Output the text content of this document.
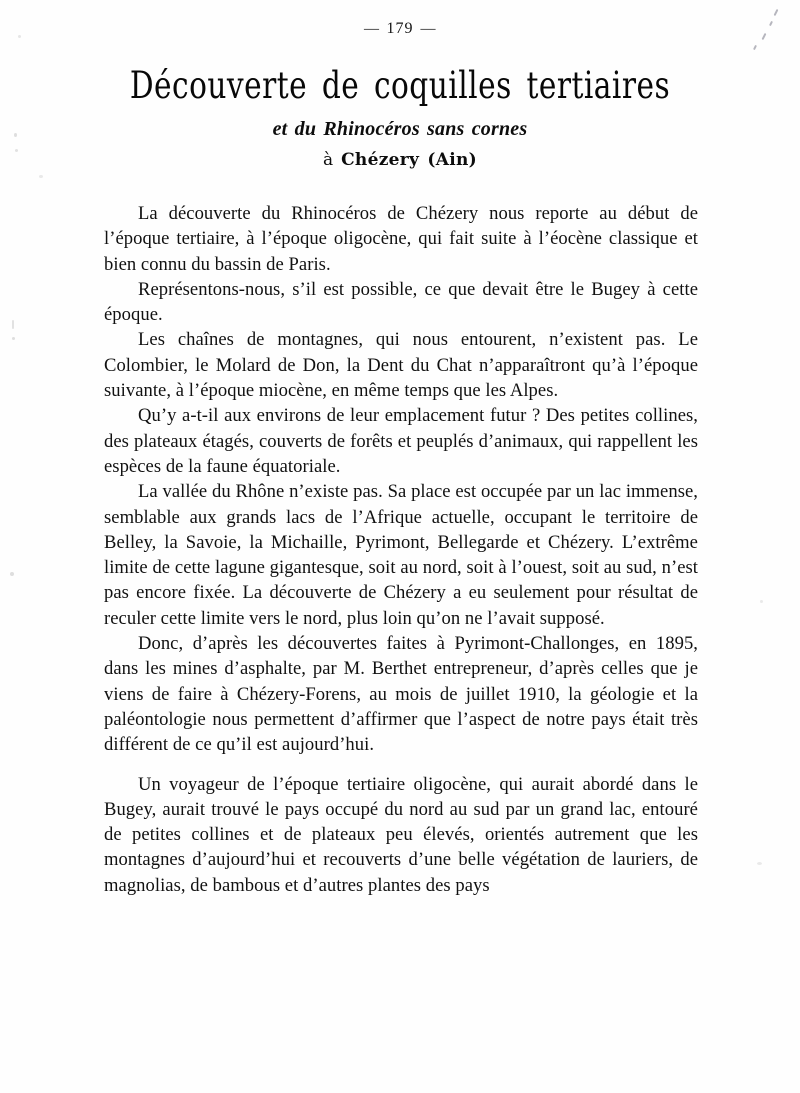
— 179 —
Découverte de coquilles tertiaires
et du Rhinocéros sans cornes
à Chézery (Ain)

La découverte du Rhinocéros de Chézery nous reporte au début de l’époque tertiaire, à l’époque oligocène, qui fait suite à l’éocène classique et bien connu du bassin de Paris.

Représentons-nous, s’il est possible, ce que devait être le Bugey à cette époque.

Les chaînes de montagnes, qui nous entourent, n’existent pas. Le Colombier, le Molard de Don, la Dent du Chat n’apparaîtront qu’à l’époque suivante, à l’époque miocène, en même temps que les Alpes.

Qu’y a-t-il aux environs de leur emplacement futur ? Des petites collines, des plateaux étagés, couverts de forêts et peuplés d’animaux, qui rappellent les espèces de la faune équatoriale.

La vallée du Rhône n’existe pas. Sa place est occupée par un lac immense, semblable aux grands lacs de l’Afrique actuelle, occupant le territoire de Belley, la Savoie, la Michaille, Pyrimont, Bellegarde et Chézery. L’extrême limite de cette lagune gigantesque, soit au nord, soit à l’ouest, soit au sud, n’est pas encore fixée. La découverte de Chézery a eu seulement pour résultat de reculer cette limite vers le nord, plus loin qu’on ne l’avait supposé.

Donc, d’après les découvertes faites à Pyrimont-Challonges, en 1895, dans les mines d’asphalte, par M. Berthet entrepreneur, d’après celles que je viens de faire à Chézery-Forens, au mois de juillet 1910, la géologie et la paléontologie nous permettent d’affirmer que l’aspect de notre pays était très différent de ce qu’il est aujourd’hui.

Un voyageur de l’époque tertiaire oligocène, qui aurait abordé dans le Bugey, aurait trouvé le pays occupé du nord au sud par un grand lac, entouré de petites collines et de plateaux peu élevés, orientés autrement que les montagnes d’aujourd’hui et recouverts d’une belle végétation de lauriers, de magnolias, de bambous et d’autres plantes des pays
